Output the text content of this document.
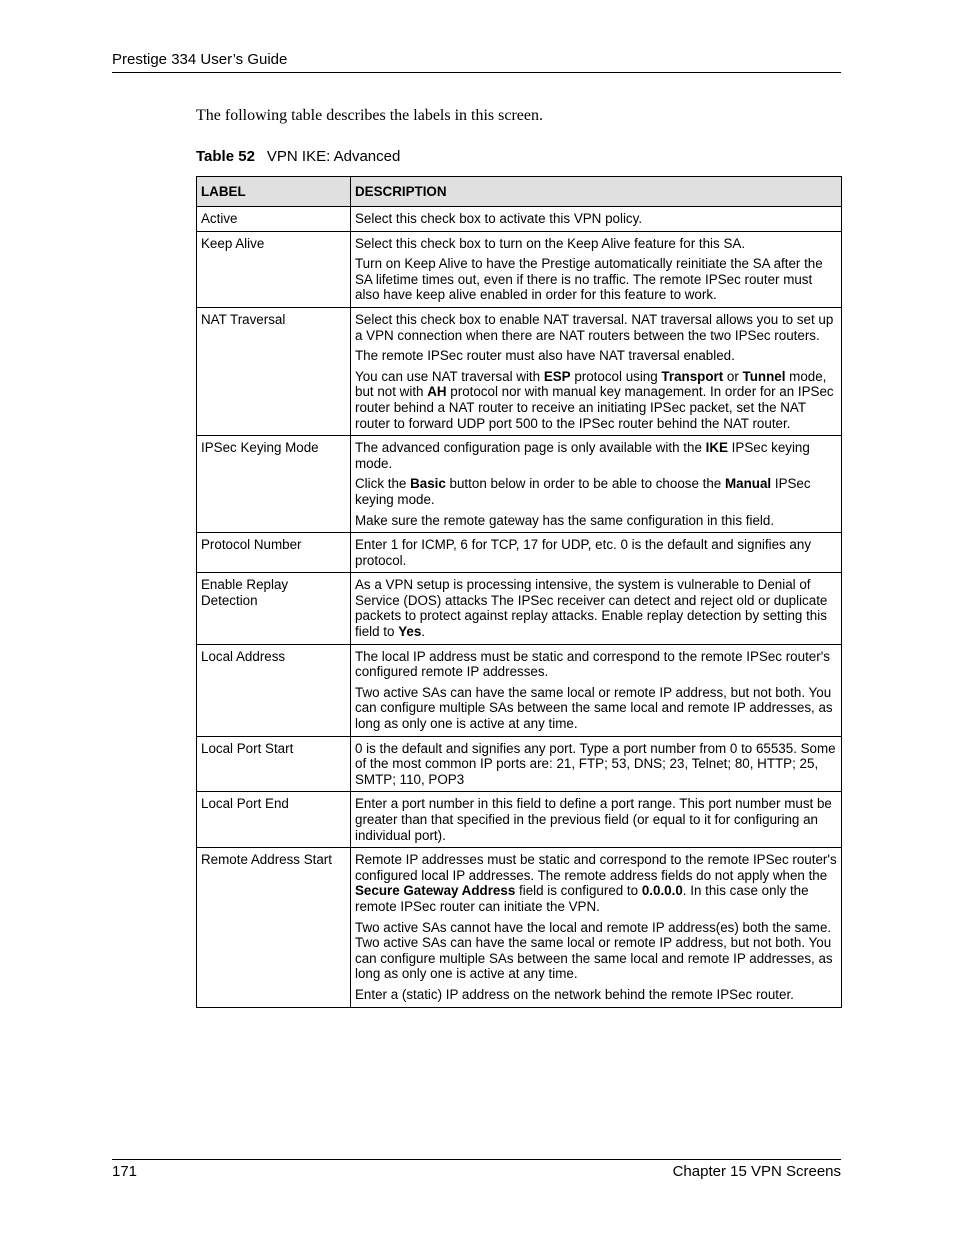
Prestige 334 User’s Guide
The following table describes the labels in this screen.
Table 52 VPN IKE: Advanced
LABEL	DESCRIPTION
Active	Select this check box to activate this VPN policy.

Keep Alive	Select this check box to turn on the Keep Alive feature for this SA.

Turn on Keep Alive to have the Prestige automatically reinitiate the SA after the SA lifetime times out, even if there is no traffic. The remote IPSec router must also have keep alive enabled in order for this feature to work.

NAT Traversal	Select this check box to enable NAT traversal. NAT traversal allows you to set up a VPN connection when there are NAT routers between the two IPSec routers.

The remote IPSec router must also have NAT traversal enabled.

You can use NAT traversal with ESP protocol using Transport or Tunnel mode, but not with AH protocol nor with manual key management. In order for an IPSec router behind a NAT router to receive an initiating IPSec packet, set the NAT router to forward UDP port 500 to the IPSec router behind the NAT router.

IPSec Keying Mode	The advanced configuration page is only available with the IKE IPSec keying mode.

Click the Basic button below in order to be able to choose the Manual IPSec keying mode.

Make sure the remote gateway has the same configuration in this field.

Protocol Number	Enter 1 for ICMP, 6 for TCP, 17 for UDP, etc. 0 is the default and signifies any protocol.

Enable Replay Detection	As a VPN setup is processing intensive, the system is vulnerable to Denial of Service (DOS) attacks The IPSec receiver can detect and reject old or duplicate packets to protect against replay attacks. Enable replay detection by setting this field to Yes.

Local Address	The local IP address must be static and correspond to the remote IPSec router's configured remote IP addresses.

Two active SAs can have the same local or remote IP address, but not both. You can configure multiple SAs between the same local and remote IP addresses, as long as only one is active at any time.

Local Port Start	0 is the default and signifies any port. Type a port number from 0 to 65535. Some of the most common IP ports are: 21, FTP; 53, DNS; 23, Telnet; 80, HTTP; 25, SMTP; 110, POP3

Local Port End	Enter a port number in this field to define a port range. This port number must be greater than that specified in the previous field (or equal to it for configuring an individual port).

Remote Address Start	Remote IP addresses must be static and correspond to the remote IPSec router's configured local IP addresses. The remote address fields do not apply when the Secure Gateway Address field is configured to 0.0.0.0. In this case only the remote IPSec router can initiate the VPN.

Two active SAs cannot have the local and remote IP address(es) both the same. Two active SAs can have the same local or remote IP address, but not both. You can configure multiple SAs between the same local and remote IP addresses, as long as only one is active at any time.

Enter a (static) IP address on the network behind the remote IPSec router.

171	Chapter 15 VPN Screens
